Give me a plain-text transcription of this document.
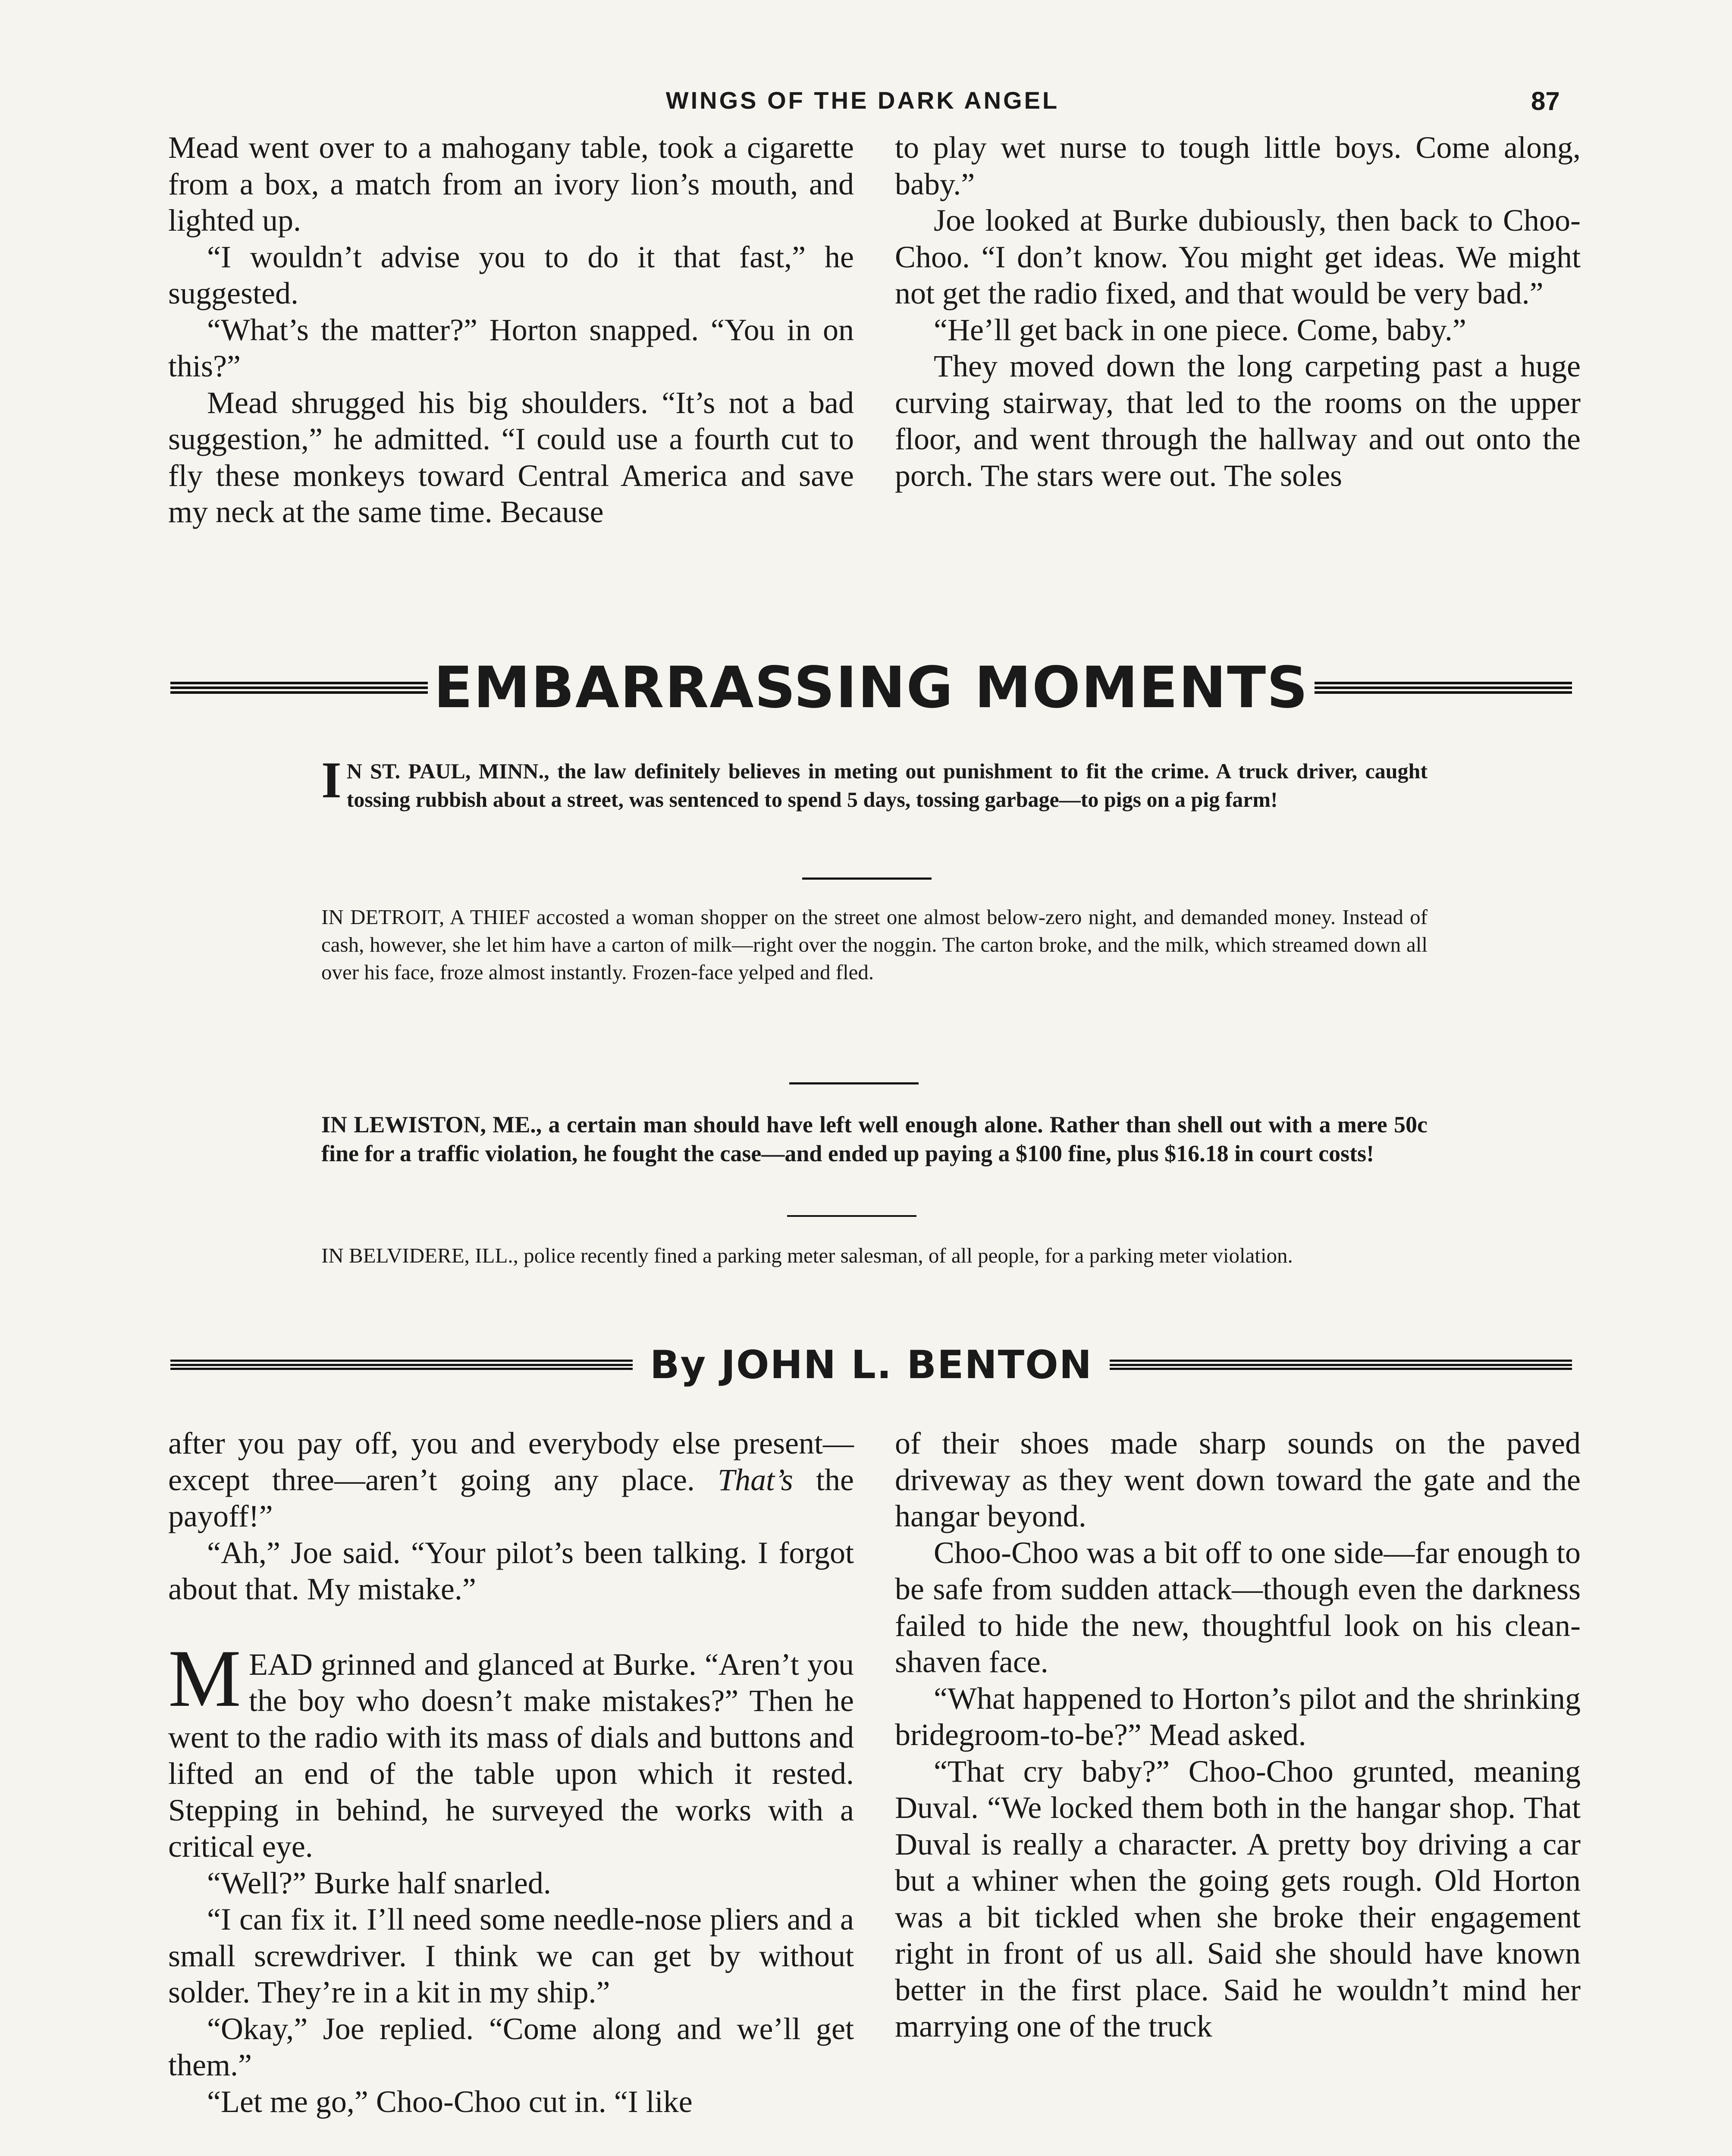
WINGS OF THE DARK ANGEL	87

Mead went over to a mahogany table, took a cigarette from a box, a match from an ivory lion’s mouth, and lighted up.

“I wouldn’t advise you to do it that fast,” he suggested.

“What’s the matter?” Horton snapped. “You in on this?”

Mead shrugged his big shoulders. “It’s not a bad suggestion,” he admitted. “I could use a fourth cut to fly these monkeys toward Central America and save my neck at the same time. Because

to play wet nurse to tough little boys. Come along, baby.”

Joe looked at Burke dubiously, then back to Choo-Choo. “I don’t know. You might get ideas. We might not get the radio fixed, and that would be very bad.”

“He’ll get back in one piece. Come, baby.”

They moved down the long carpeting past a huge curving stairway, that led to the rooms on the upper floor, and went through the hallway and out onto the porch. The stars were out. The soles

EMBARRASSING MOMENTS
I N ST. PAUL, MINN., the law definitely believes in meting out punishment to fit the crime. A truck driver, caught tossing rubbish about a street, was sentenced to spend 5 days, tossing garbage—to pigs on a pig farm!
IN DETROIT, A THIEF accosted a woman shopper on the street one almost below-zero night, and demanded money. Instead of cash, however, she let him have a carton of milk—right over the noggin. The carton broke, and the milk, which streamed down all over his face, froze almost instantly. Frozen-face yelped and fled.
IN LEWISTON, ME., a certain man should have left well enough alone. Rather than shell out with a mere 50c fine for a traffic violation, he fought the case—and ended up paying a $100 fine, plus $16.18 in court costs!
IN BELVIDERE, ILL., police recently fined a parking meter salesman, of all people, for a parking meter violation.
By JOHN L. BENTON

after you pay off, you and everybody else present—except three—aren’t going any place. That’s the payoff!”

“Ah,” Joe said. “Your pilot’s been talking. I forgot about that. My mistake.”

MEAD grinned and glanced at Burke. “Aren’t you the boy who doesn’t make mistakes?” Then he went to the radio with its mass of dials and buttons and lifted an end of the table upon which it rested. Stepping in behind, he surveyed the works with a critical eye.

“Well?” Burke half snarled.

“I can fix it. I’ll need some needle-nose pliers and a small screwdriver. I think we can get by without solder. They’re in a kit in my ship.”

“Okay,” Joe replied. “Come along and we’ll get them.”

“Let me go,” Choo-Choo cut in. “I like

of their shoes made sharp sounds on the paved driveway as they went down toward the gate and the hangar beyond.

Choo-Choo was a bit off to one side—far enough to be safe from sudden attack—though even the darkness failed to hide the new, thoughtful look on his clean-shaven face.

“What happened to Horton’s pilot and the shrinking bridegroom-to-be?” Mead asked.

“That cry baby?” Choo-Choo grunted, meaning Duval. “We locked them both in the hangar shop. That Duval is really a character. A pretty boy driving a car but a whiner when the going gets rough. Old Horton was a bit tickled when she broke their engagement right in front of us all. Said she should have known better in the first place. Said he wouldn’t mind her marrying one of the truck
